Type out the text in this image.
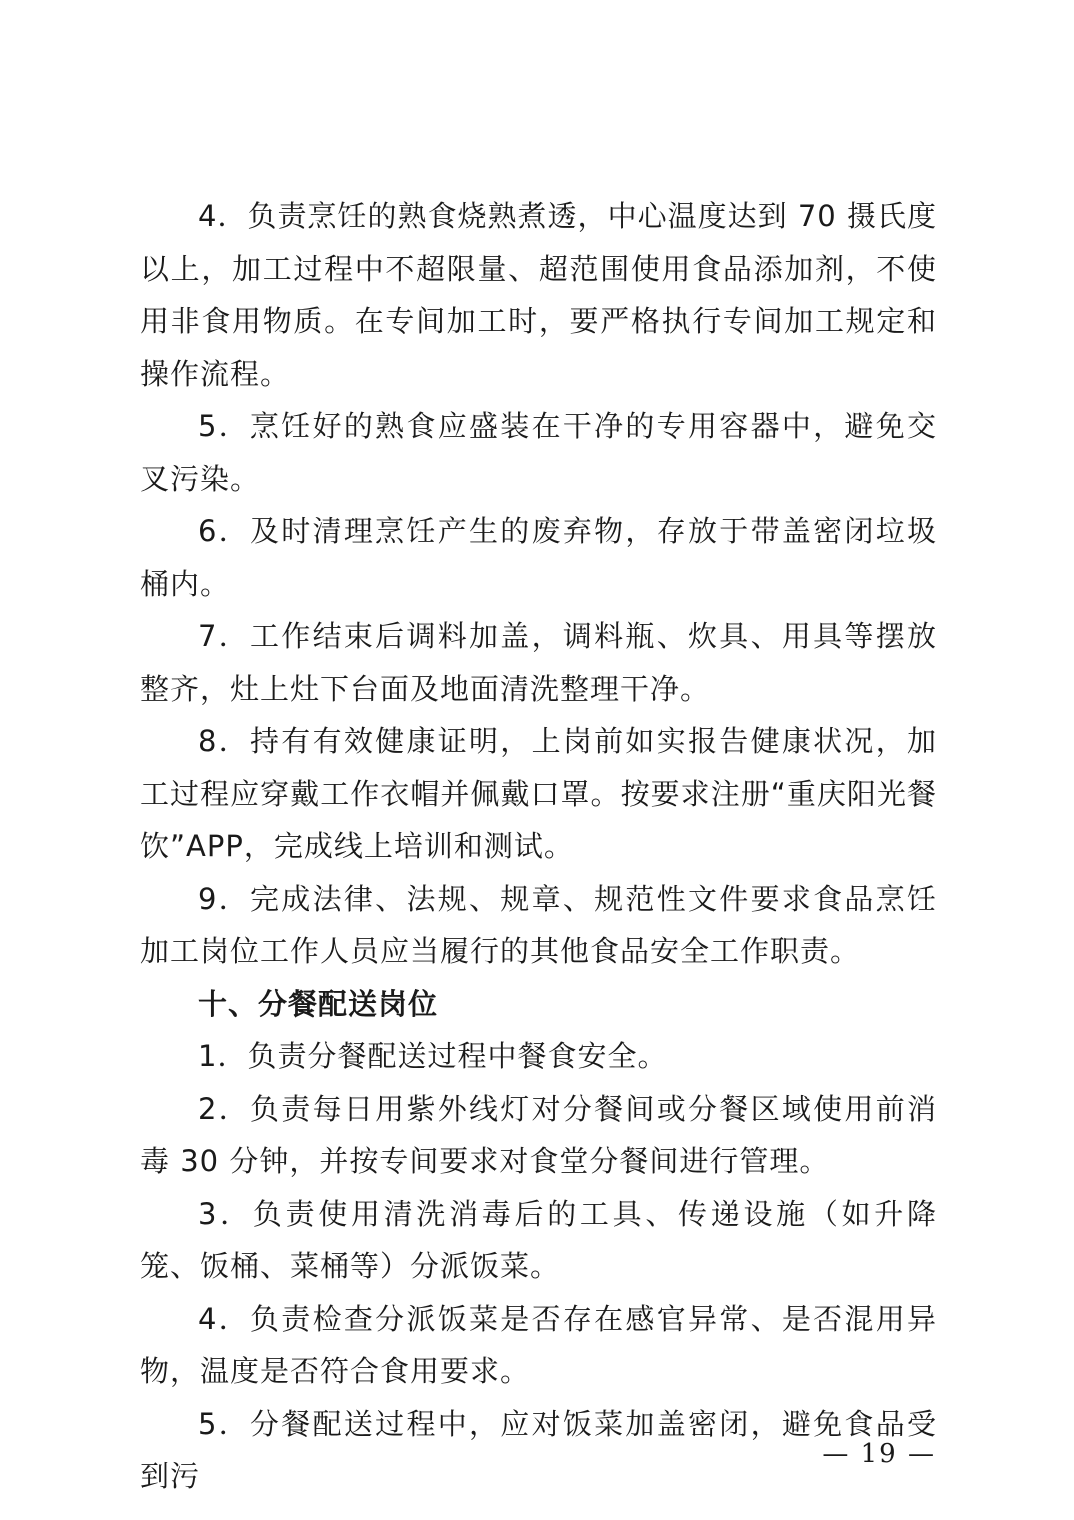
4．负责烹饪的熟食烧熟煮透，中心温度达到 70 摄氏度以上，加工过程中不超限量、超范围使用食品添加剂，不使用非食用物质。在专间加工时，要严格执行专间加工规定和操作流程。

5．烹饪好的熟食应盛装在干净的专用容器中，避免交叉污染。

6．及时清理烹饪产生的废弃物，存放于带盖密闭垃圾桶内。

7．工作结束后调料加盖，调料瓶、炊具、用具等摆放整齐，灶上灶下台面及地面清洗整理干净。

8．持有有效健康证明，上岗前如实报告健康状况，加工过程应穿戴工作衣帽并佩戴口罩。按要求注册“重庆阳光餐饮”APP，完成线上培训和测试。

9．完成法律、法规、规章、规范性文件要求食品烹饪加工岗位工作人员应当履行的其他食品安全工作职责。

十、分餐配送岗位

1．负责分餐配送过程中餐食安全。

2．负责每日用紫外线灯对分餐间或分餐区域使用前消毒 30 分钟，并按专间要求对食堂分餐间进行管理。

3．负责使用清洗消毒后的工具、传递设施（如升降笼、饭桶、菜桶等）分派饭菜。

4．负责检查分派饭菜是否存在感官异常、是否混用异物，温度是否符合食用要求。

5．分餐配送过程中，应对饭菜加盖密闭，避免食品受到污

— 19 —
